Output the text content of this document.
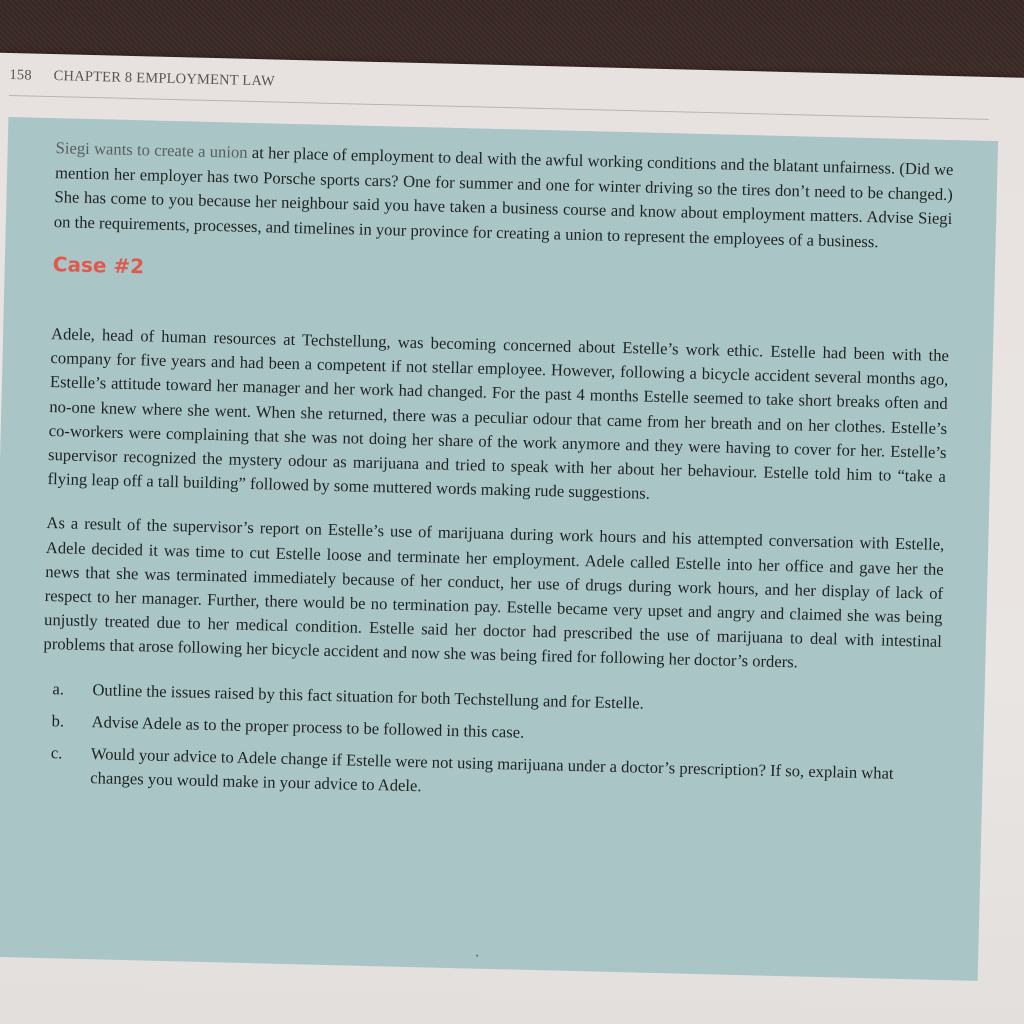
158 CHAPTER 8 EMPLOYMENT LAW

Siegi wants to create a union at her place of employment to deal with the awful working conditions and the blatant unfairness. (Did we mention her employer has two Porsche sports cars? One for summer and one for winter driving so the tires don’t need to be changed.) She has come to you because her neighbour said you have taken a business course and know about employment matters. Advise Siegi on the requirements, processes, and timelines in your province for creating a union to represent the employees of a business.

Case #2

Adele, head of human resources at Techstellung, was becoming concerned about Estelle’s work ethic. Estelle had been with the company for five years and had been a competent if not stellar employee. However, following a bicycle accident several months ago, Estelle’s attitude toward her manager and her work had changed. For the past 4 months Estelle seemed to take short breaks often and no-one knew where she went. When she returned, there was a peculiar odour that came from her breath and on her clothes. Estelle’s co-workers were complaining that she was not doing her share of the work anymore and they were having to cover for her. Estelle’s supervisor recognized the mystery odour as marijuana and tried to speak with her about her behaviour. Estelle told him to “take a flying leap off a tall building” followed by some muttered words making rude suggestions.

As a result of the supervisor’s report on Estelle’s use of marijuana during work hours and his attempted conversation with Estelle, Adele decided it was time to cut Estelle loose and terminate her employment. Adele called Estelle into her office and gave her the news that she was terminated immediately because of her conduct, her use of drugs during work hours, and her display of lack of respect to her manager. Further, there would be no termination pay. Estelle became very upset and angry and claimed she was being unjustly treated due to her medical condition. Estelle said her doctor had prescribed the use of marijuana to deal with intestinal problems that arose following her bicycle accident and now she was being fired for following her doctor’s orders.

a.	Outline the issues raised by this fact situation for both Techstellung and for Estelle.
b.	Advise Adele as to the proper process to be followed in this case.
c.	Would your advice to Adele change if Estelle were not using marijuana under a doctor’s prescription? If so, explain what changes you would make in your advice to Adele.
